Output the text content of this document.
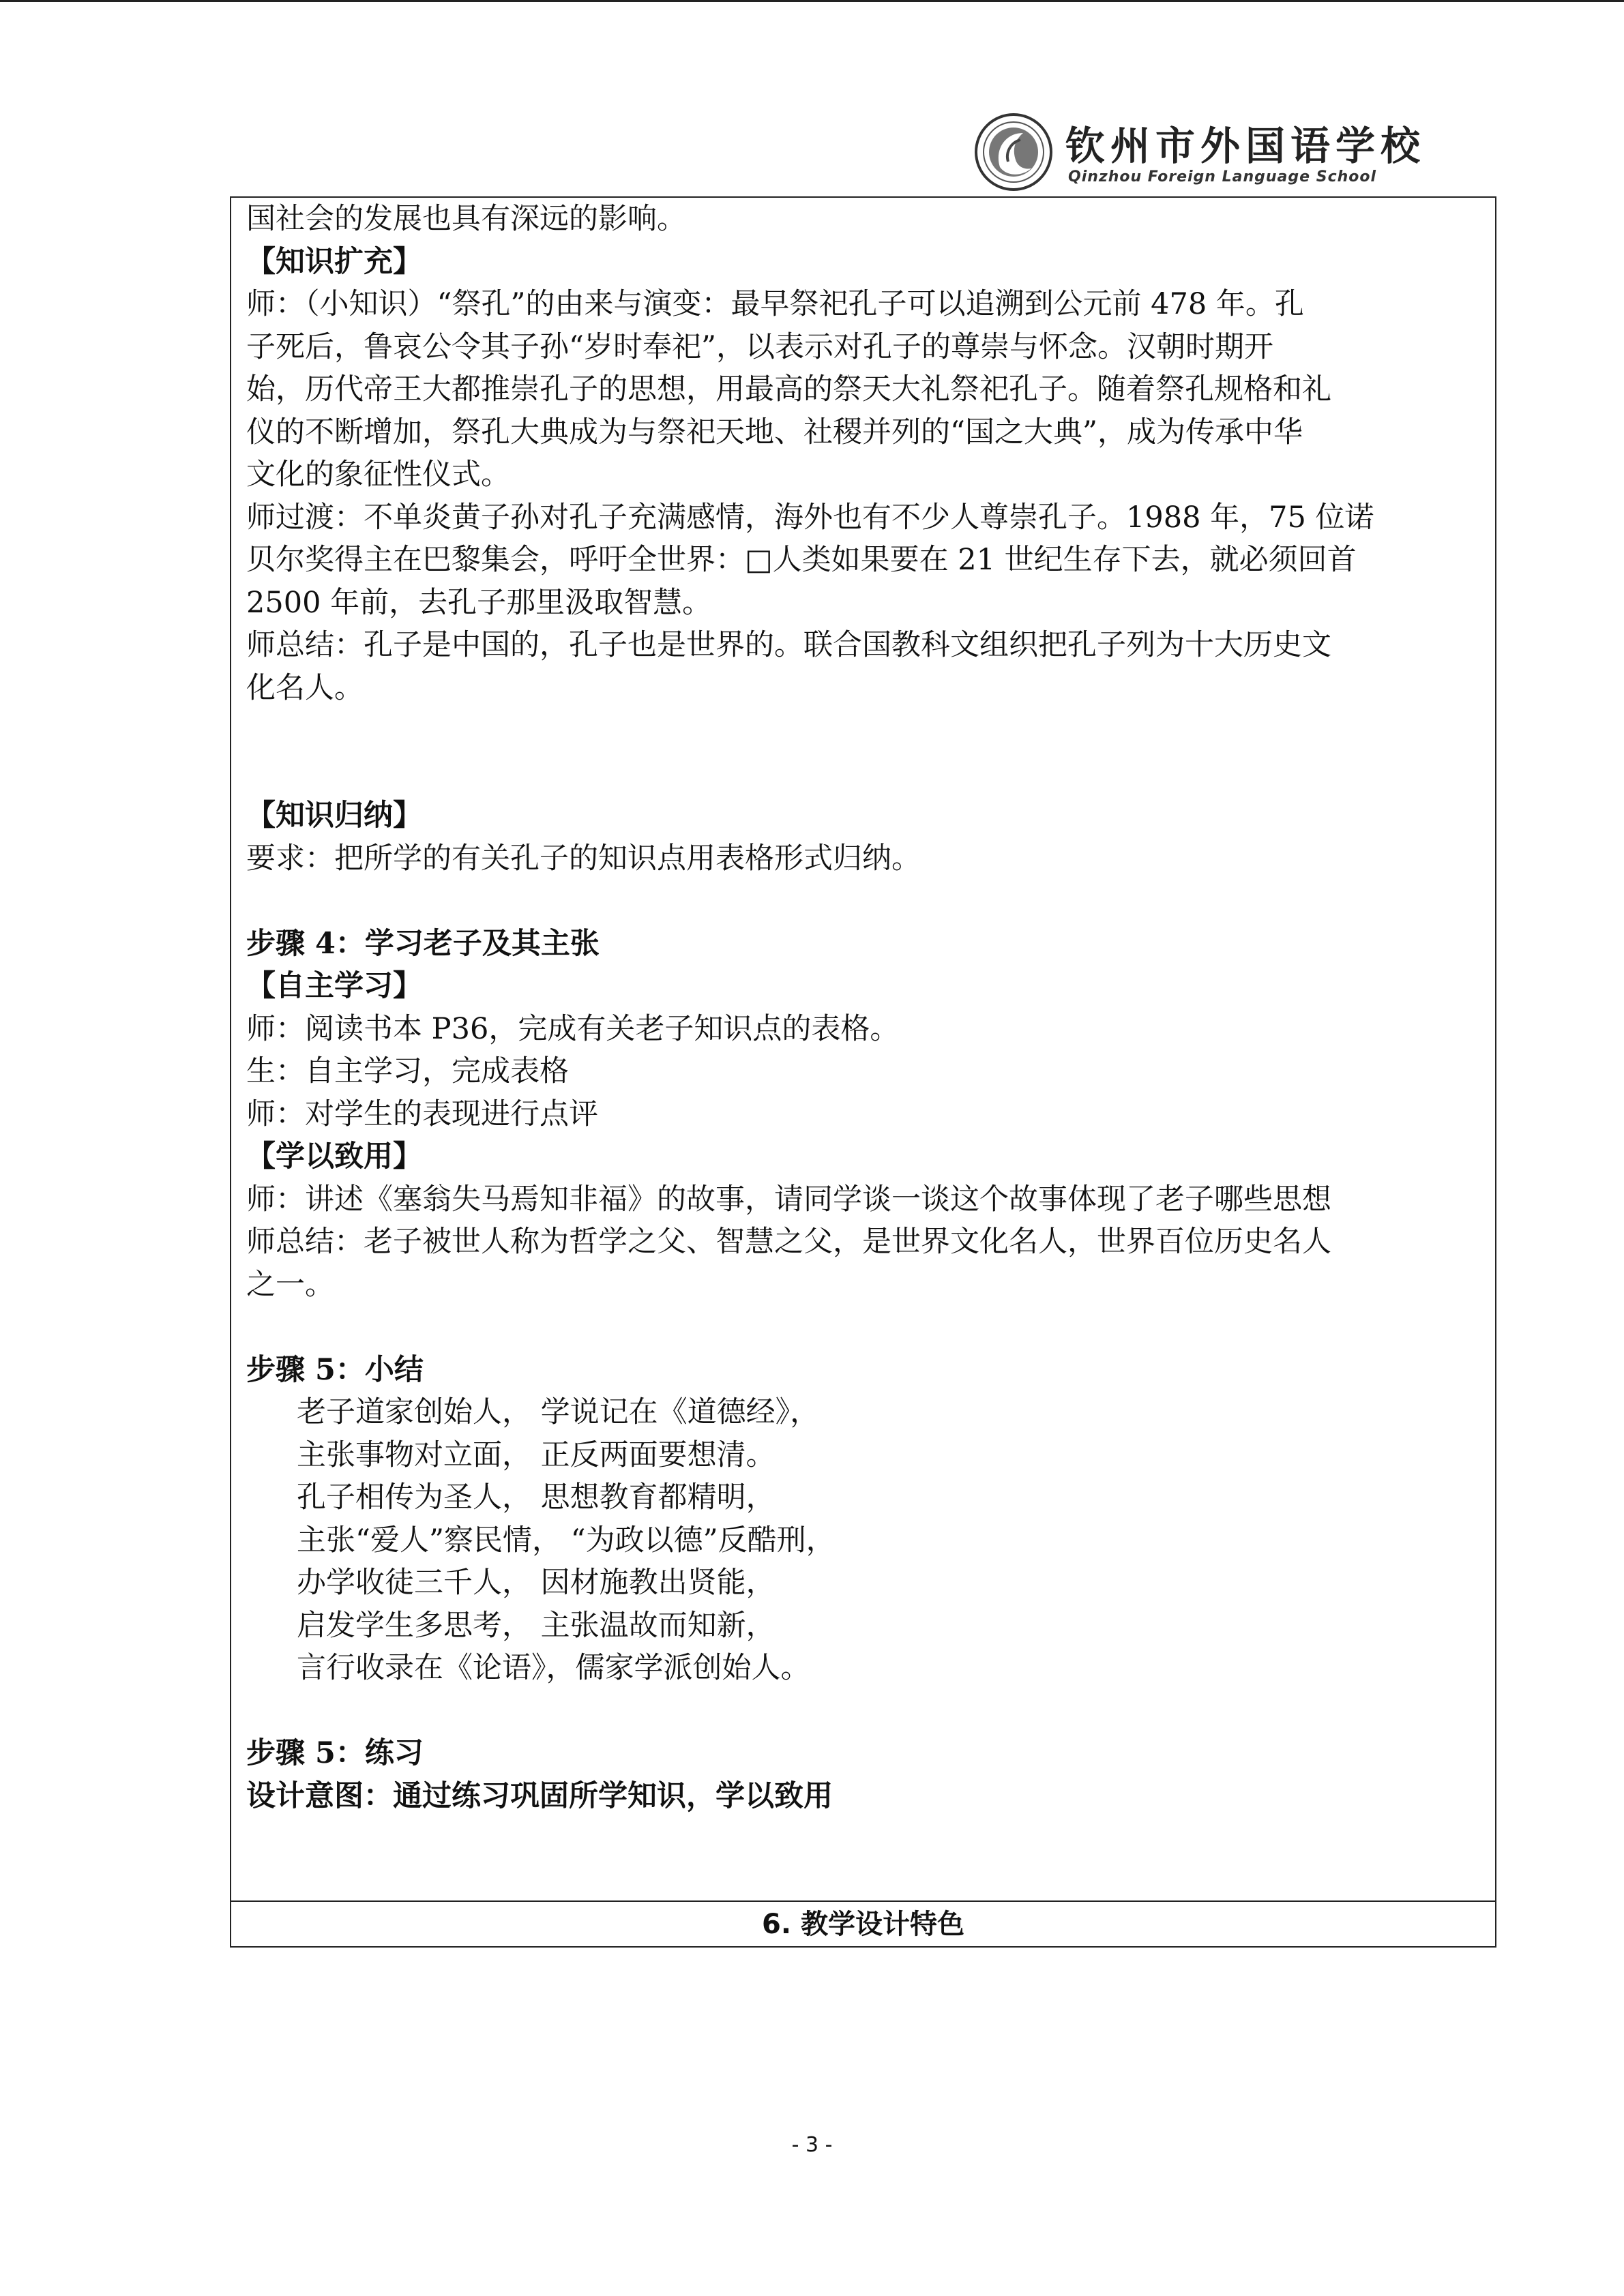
钦州市外国语学校
Qinzhou Foreign Language School
国社会的发展也具有深远的影响。
【知识扩充】
师：（小知识）“祭孔”的由来与演变：最早祭祀孔子可以追溯到公元前 478 年。孔
子死后，鲁哀公令其子孙“岁时奉祀”，以表示对孔子的尊崇与怀念。汉朝时期开
始，历代帝王大都推崇孔子的思想，用最高的祭天大礼祭祀孔子。随着祭孔规格和礼
仪的不断增加，祭孔大典成为与祭祀天地、社稷并列的“国之大典”，成为传承中华
文化的象征性仪式。
师过渡：不单炎黄子孙对孔子充满感情，海外也有不少人尊崇孔子。1988 年，75 位诺
贝尔奖得主在巴黎集会，呼吁全世界：□人类如果要在 21 世纪生存下去，就必须回首
2500 年前，去孔子那里汲取智慧。
师总结：孔子是中国的，孔子也是世界的。联合国教科文组织把孔子列为十大历史文
化名人。
【知识归纳】
要求：把所学的有关孔子的知识点用表格形式归纳。
步骤 4：学习老子及其主张
【自主学习】
师：阅读书本 P36，完成有关老子知识点的表格。
生：自主学习，完成表格
师：对学生的表现进行点评
【学以致用】
师：讲述《塞翁失马焉知非福》的故事，请同学谈一谈这个故事体现了老子哪些思想
师总结：老子被世人称为哲学之父、智慧之父，是世界文化名人，世界百位历史名人
之一。
步骤 5：小结
老子道家创始人， 学说记在《道德经》，
主张事物对立面， 正反两面要想清。
孔子相传为圣人， 思想教育都精明，
主张“爱人”察民情， “为政以德”反酷刑，
办学收徒三千人， 因材施教出贤能，
启发学生多思考， 主张温故而知新，
言行收录在《论语》，儒家学派创始人。
步骤 5：练习
设计意图：通过练习巩固所学知识，学以致用
6. 教学设计特色
- 3 -
